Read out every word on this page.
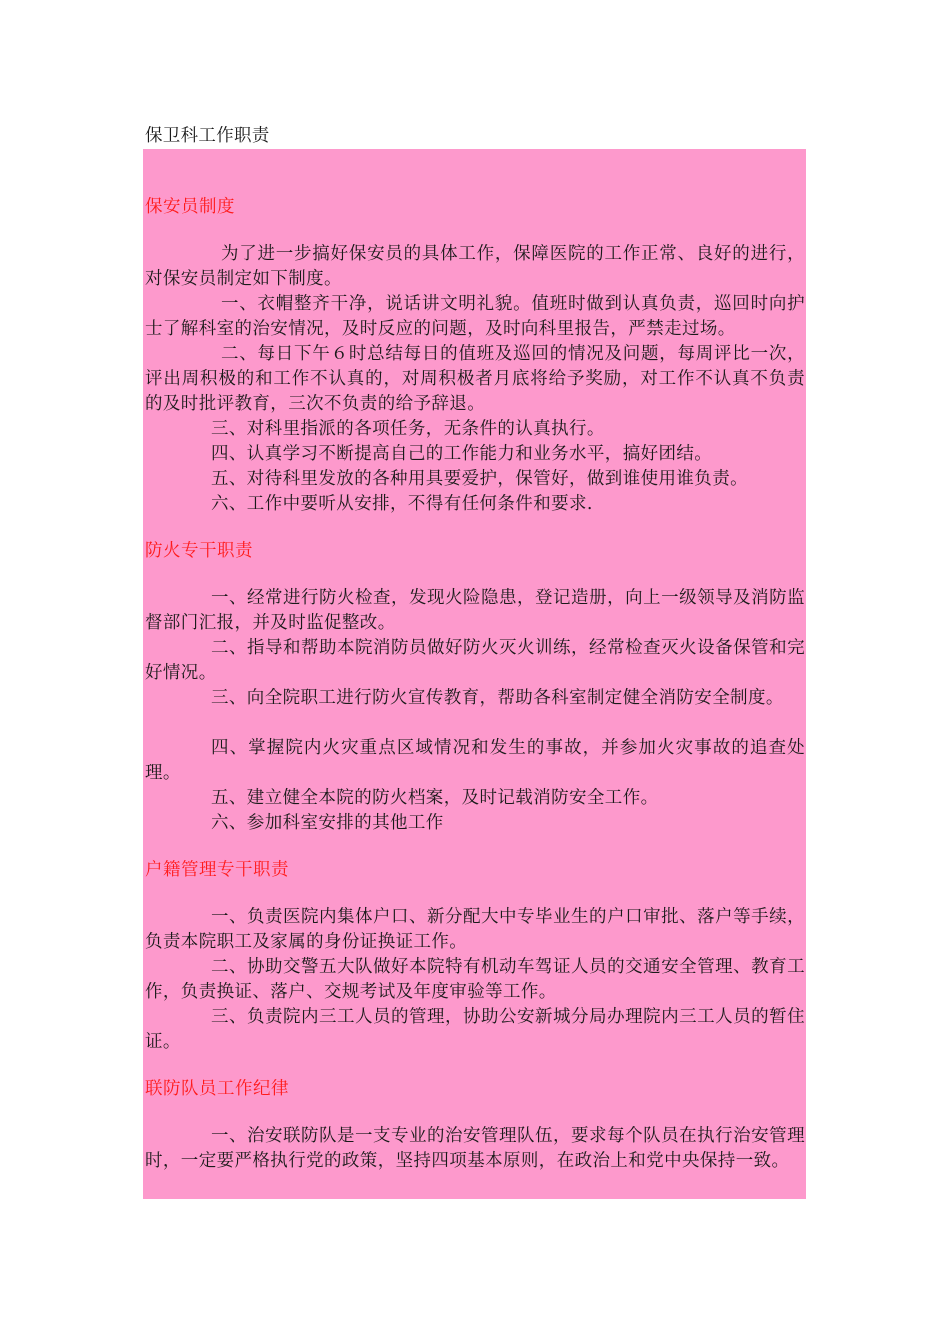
保卫科工作职责

保安员制度

为了进一步搞好保安员的具体工作，保障医院的工作正常、良好的进行，对保安员制定如下制度。

一、衣帽整齐干净，说话讲文明礼貌。值班时做到认真负责，巡回时向护士了解科室的治安情况，及时反应的问题，及时向科里报告，严禁走过场。

二、每日下午６时总结每日的值班及巡回的情况及问题，每周评比一次，评出周积极的和工作不认真的，对周积极者月底将给予奖励，对工作不认真不负责的及时批评教育，三次不负责的给予辞退。

三、对科里指派的各项任务，无条件的认真执行。

四、认真学习不断提高自己的工作能力和业务水平，搞好团结。

五、对待科里发放的各种用具要爱护，保管好，做到谁使用谁负责。

六、工作中要听从安排，不得有任何条件和要求.

防火专干职责

一、经常进行防火检查，发现火险隐患，登记造册，向上一级领导及消防监督部门汇报，并及时监促整改。

二、指导和帮助本院消防员做好防火灭火训练，经常检查灭火设备保管和完好情况。

三、向全院职工进行防火宣传教育，帮助各科室制定健全消防安全制度。

四、掌握院内火灾重点区域情况和发生的事故，并参加火灾事故的追查处理。

五、建立健全本院的防火档案，及时记载消防安全工作。

六、参加科室安排的其他工作

户籍管理专干职责

一、负责医院内集体户口、新分配大中专毕业生的户口审批、落户等手续，负责本院职工及家属的身份证换证工作。

二、协助交警五大队做好本院特有机动车驾证人员的交通安全管理、教育工作，负责换证、落户、交规考试及年度审验等工作。

三、负责院内三工人员的管理，协助公安新城分局办理院内三工人员的暂住证。

联防队员工作纪律

一、治安联防队是一支专业的治安管理队伍，要求每个队员在执行治安管理时，一定要严格执行党的政策，坚持四项基本原则，在政治上和党中央保持一致。
